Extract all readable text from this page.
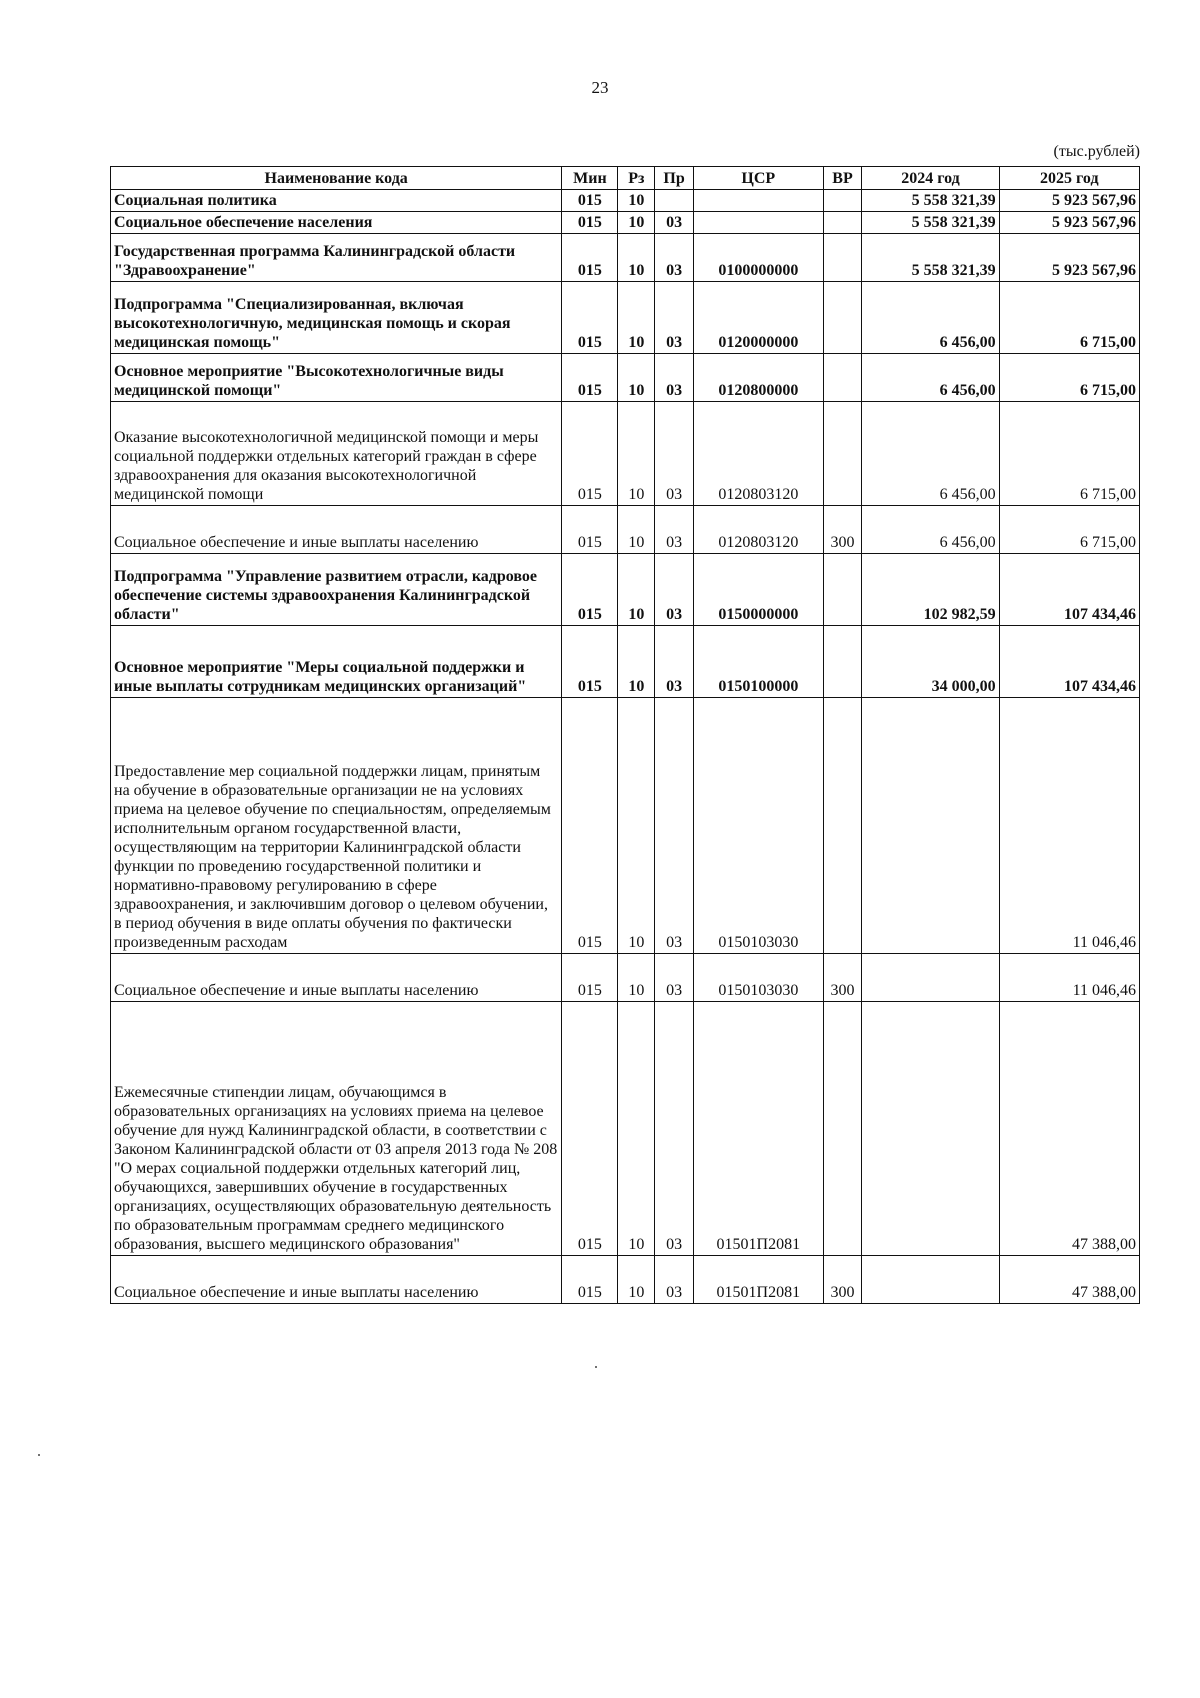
23
(тыс.рублей)
Наименование кода	Мин	Рз	Пр	ЦСР	ВР	2024 год	2025 год
Социальная политика	015	10				5 558 321,39	5 923 567,96
Социальное обеспечение населения	015	10	03			5 558 321,39	5 923 567,96
Государственная программа Калининградской области "Здравоохранение"	015	10	03	0100000000		5 558 321,39	5 923 567,96
Подпрограмма "Специализированная, включая высокотехнологичную, медицинская помощь и скорая медицинская помощь"	015	10	03	0120000000		6 456,00	6 715,00
Основное мероприятие "Высокотехнологичные виды медицинской помощи"	015	10	03	0120800000		6 456,00	6 715,00
Оказание высокотехнологичной медицинской помощи и меры социальной поддержки отдельных категорий граждан в сфере здравоохранения для оказания высокотехнологичной медицинской помощи	015	10	03	0120803120		6 456,00	6 715,00
Социальное обеспечение и иные выплаты населению	015	10	03	0120803120	300	6 456,00	6 715,00
Подпрограмма "Управление развитием отрасли, кадровое обеспечение системы здравоохранения Калининградской области"	015	10	03	0150000000		102 982,59	107 434,46
Основное мероприятие "Меры социальной поддержки и иные выплаты сотрудникам медицинских организаций"	015	10	03	0150100000		34 000,00	107 434,46
Предоставление мер социальной поддержки лицам, принятым на обучение в образовательные организации не на условиях приема на целевое обучение по специальностям, определяемым исполнительным органом государственной власти, осуществляющим на территории Калининградской области функции по проведению государственной политики и нормативно-правовому регулированию в сфере здравоохранения, и заключившим договор о целевом обучении, в период обучения в виде оплаты обучения по фактически произведенным расходам	015	10	03	0150103030			11 046,46
Социальное обеспечение и иные выплаты населению	015	10	03	0150103030	300		11 046,46
Ежемесячные стипендии лицам, обучающимся в образовательных организациях на условиях приема на целевое обучение для нужд Калининградской области, в соответствии с Законом Калининградской области от 03 апреля 2013 года № 208 "О мерах социальной поддержки отдельных категорий лиц, обучающихся, завершивших обучение в государственных организациях, осуществляющих образовательную деятельность по образовательным программам среднего медицинского образования, высшего медицинского образования"	015	10	03	01501П2081			47 388,00
Социальное обеспечение и иные выплаты населению	015	10	03	01501П2081	300		47 388,00
